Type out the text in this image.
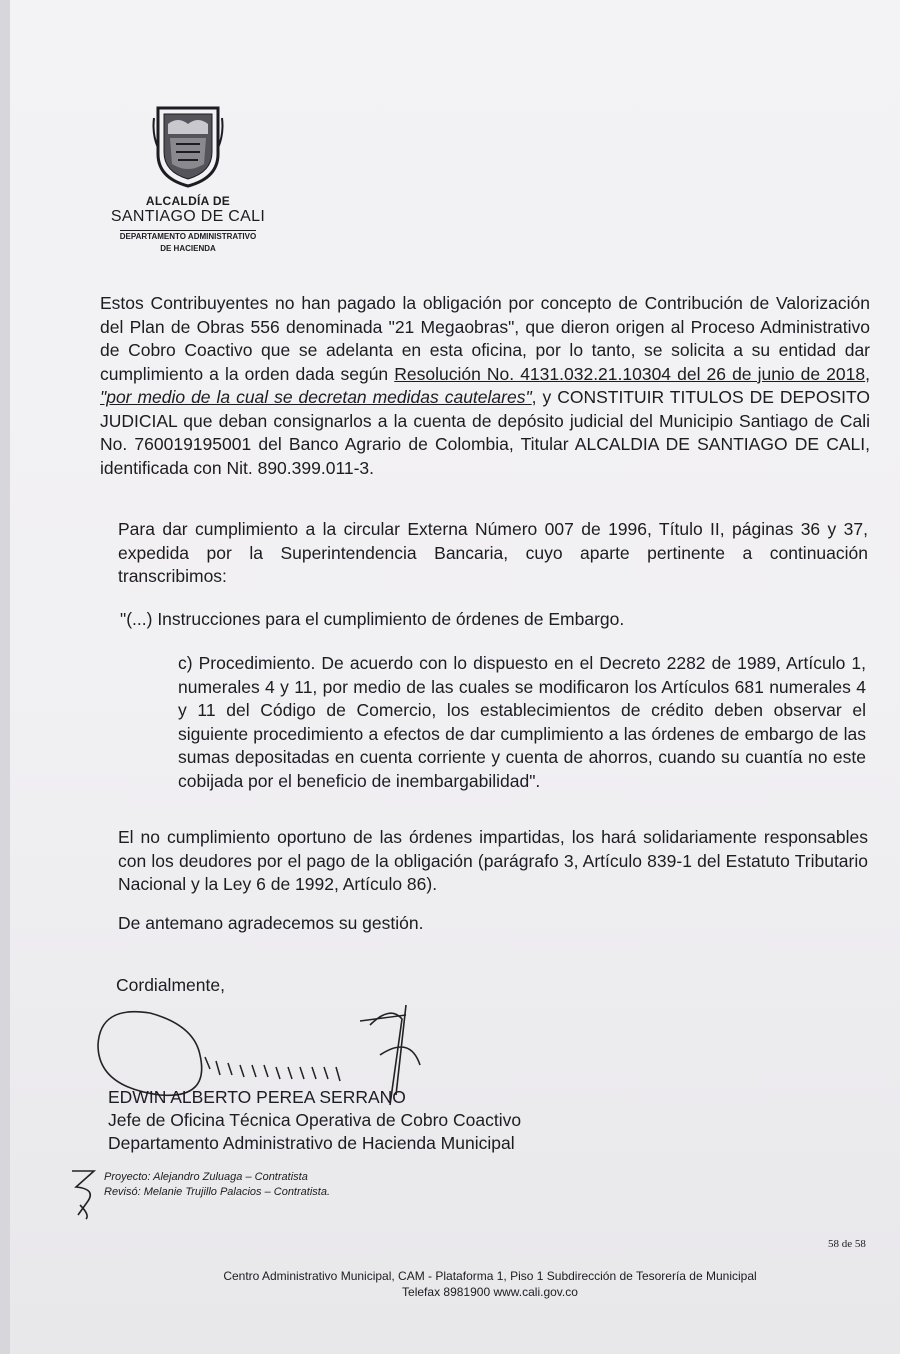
ALCALDÍA DE
SANTIAGO DE CALI
DEPARTAMENTO ADMINISTRATIVO
DE HACIENDA
Estos Contribuyentes no han pagado la obligación por concepto de Contribución de Valorización del Plan de Obras 556 denominada "21 Megaobras", que dieron origen al Proceso Administrativo de Cobro Coactivo que se adelanta en esta oficina, por lo tanto, se solicita a su entidad dar cumplimiento a la orden dada según Resolución No. 4131.032.21.10304 del 26 de junio de 2018, "por medio de la cual se decretan medidas cautelares", y CONSTITUIR TITULOS DE DEPOSITO JUDICIAL que deban consignarlos a la cuenta de depósito judicial del Municipio Santiago de Cali No. 760019195001 del Banco Agrario de Colombia, Titular ALCALDIA DE SANTIAGO DE CALI, identificada con Nit. 890.399.011-3.
Para dar cumplimiento a la circular Externa Número 007 de 1996, Título II, páginas 36 y 37, expedida por la Superintendencia Bancaria, cuyo aparte pertinente a continuación transcribimos:
"(...) Instrucciones para el cumplimiento de órdenes de Embargo.
c) Procedimiento. De acuerdo con lo dispuesto en el Decreto 2282 de 1989, Artículo 1, numerales 4 y 11, por medio de las cuales se modificaron los Artículos 681 numerales 4 y 11 del Código de Comercio, los establecimientos de crédito deben observar el siguiente procedimiento a efectos de dar cumplimiento a las órdenes de embargo de las sumas depositadas en cuenta corriente y cuenta de ahorros, cuando su cuantía no este cobijada por el beneficio de inembargabilidad".
El no cumplimiento oportuno de las órdenes impartidas, los hará solidariamente responsables con los deudores por el pago de la obligación (parágrafo 3, Artículo 839-1 del Estatuto Tributario Nacional y la Ley 6 de 1992, Artículo 86).
De antemano agradecemos su gestión.
Cordialmente,
EDWIN ALBERTO PEREA SERRANO
Jefe de Oficina Técnica Operativa de Cobro Coactivo
Departamento Administrativo de Hacienda Municipal
Proyecto: Alejandro Zuluaga – Contratista
Revisó: Melanie Trujillo Palacios – Contratista.
58 de 58
Centro Administrativo Municipal, CAM - Plataforma 1, Piso 1 Subdirección de Tesorería de Municipal
Telefax 8981900 www.cali.gov.co
